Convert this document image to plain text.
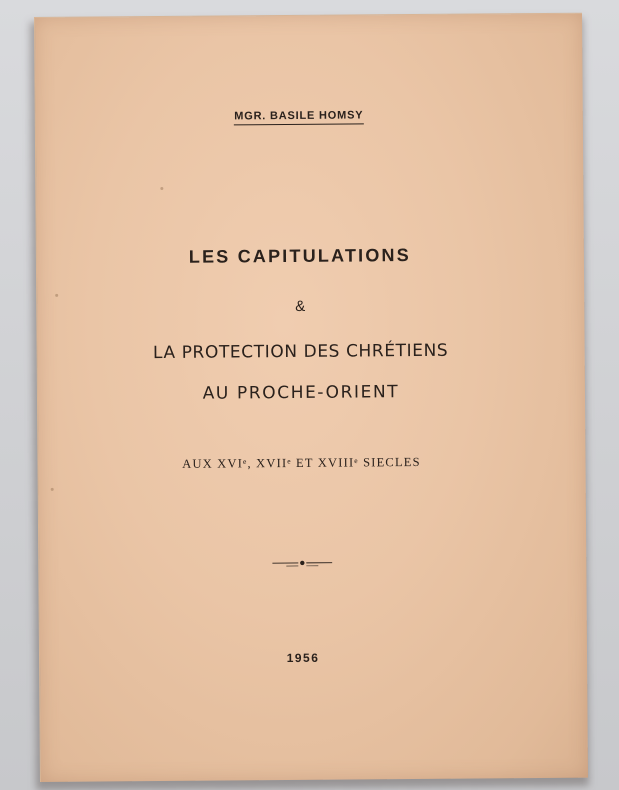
MGR. BASILE HOMSY
LES CAPITULATIONS
&
LA PROTECTION DES CHRÉTIENS
AU PROCHE-ORIENT
AUX XVIᵉ, XVIIᵉ ET XVIIIᵉ SIECLES
1956
